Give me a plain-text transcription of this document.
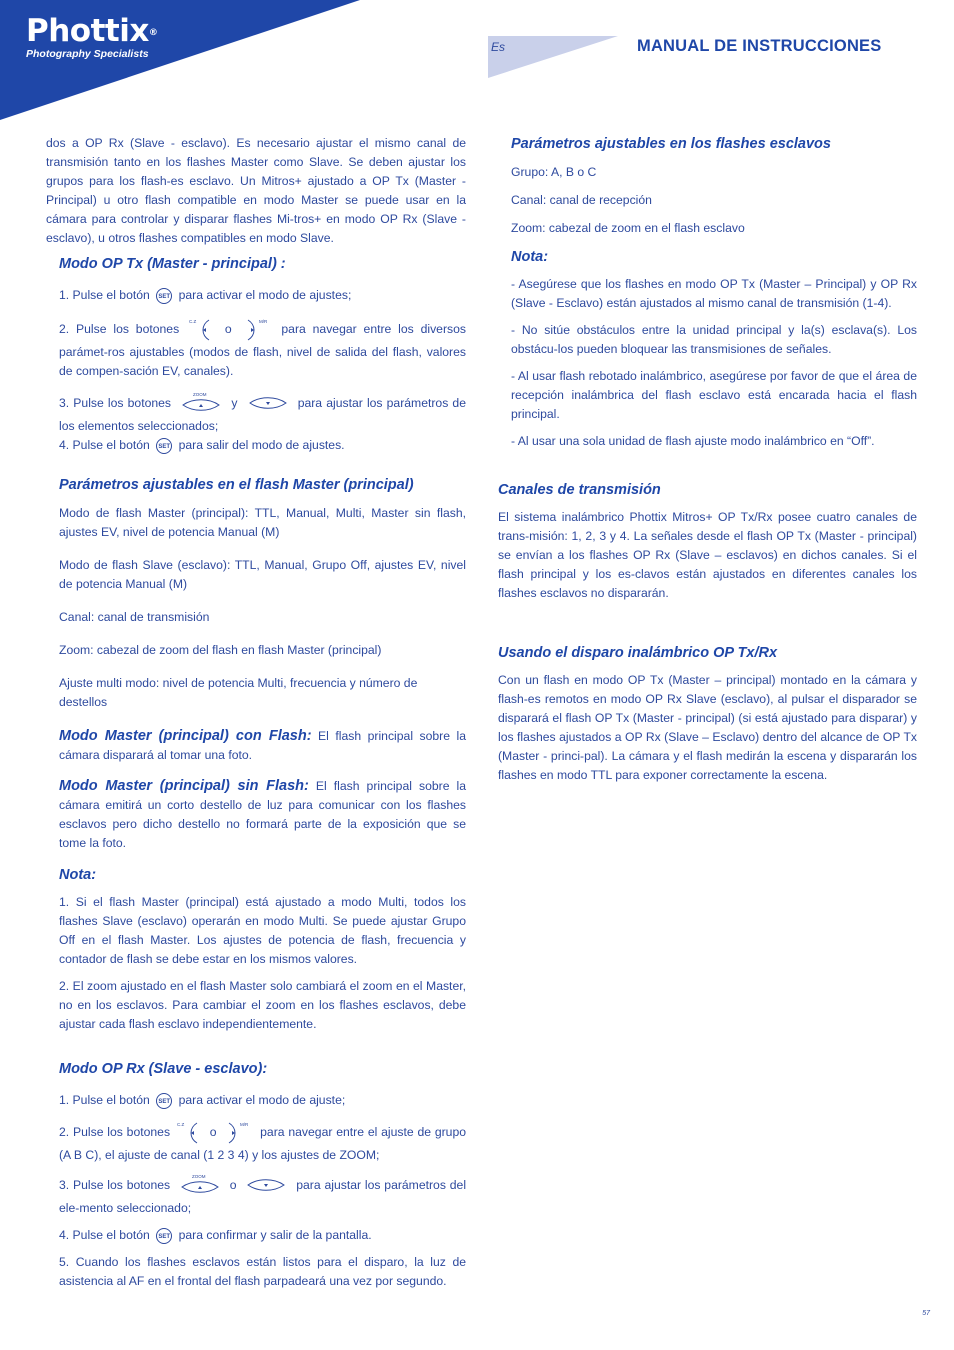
Phottix®
Photography Specialists	Es	MANUAL DE INSTRUCCIONES
dos a OP Rx (Slave - esclavo). Es necesario ajustar el mismo canal de transmisión tanto en los flashes Master como Slave. Se deben ajustar los grupos para los flash-es esclavo. Un Mitros+ ajustado a OP Tx (Master - Principal) u otro flash compatible en modo Master se puede usar en la cámara para controlar y disparar flashes Mi-tros+ en modo OP Rx (Slave - esclavo), u otros flashes compatibles en modo Slave.

Modo OP Tx (Master - principal) :

1. Pulse el botón SET para activar el modo de ajustes;

2. Pulse los botones
C.Z
o
M/R
para navegar entre los diversos parámet-ros ajustables (modos de flash, nivel de salida del flash, valores de compen-sación EV, canales).

3. Pulse los botones
ZOOM
y	para ajustar los parámetros de los elementos seleccionados;

4. Pulse el botón SET para salir del modo de ajustes.

Parámetros ajustables en el flash Master (principal)

Modo de flash Master (principal): TTL, Manual, Multi, Master sin flash, ajustes EV, nivel de potencia Manual (M)

Modo de flash Slave (esclavo): TTL, Manual, Grupo Off, ajustes EV, nivel de potencia Manual (M)

Canal: canal de transmisión

Zoom: cabezal de zoom del flash en flash Master (principal)

Ajuste multi modo: nivel de potencia Multi, frecuencia y número de destellos

Modo Master (principal) con Flash: El flash principal sobre la cámara disparará al tomar una foto.

Modo Master (principal) sin Flash: El flash principal sobre la cámara emitirá un corto destello de luz para comunicar con los flashes esclavos pero dicho destello no formará parte de la exposición que se tome la foto.

Nota:

1. Si el flash Master (principal) está ajustado a modo Multi, todos los flashes Slave (esclavo) operarán en modo Multi. Se puede ajustar Grupo Off en el flash Master. Los ajustes de potencia de flash, frecuencia y contador de flash se debe estar en los mismos valores.

2. El zoom ajustado en el flash Master solo cambiará el zoom en el Master, no en los esclavos. Para cambiar el zoom en los flashes esclavos, debe ajustar cada flash esclavo independientemente.

Modo OP Rx (Slave - esclavo):

1. Pulse el botón SET para activar el modo de ajuste;

2. Pulse los botones
C.Z
o
M/R
para navegar entre el ajuste de grupo (A B C), el ajuste de canal (1 2 3 4) y los ajustes de ZOOM;

3. Pulse los botones
ZOOM
o	para ajustar los parámetros del ele-mento seleccionado;

4. Pulse el botón SET para confirmar y salir de la pantalla.

5. Cuando los flashes esclavos están listos para el disparo, la luz de asistencia al AF en el frontal del flash parpadeará una vez por segundo.

Parámetros ajustables en los flashes esclavos

Grupo: A, B o C

Canal: canal de recepción

Zoom: cabezal de zoom en el flash esclavo

Nota:

- Asegúrese que los flashes en modo OP Tx (Master – Principal) y OP Rx (Slave - Esclavo) están ajustados al mismo canal de transmisión (1-4).

- No sitúe obstáculos entre la unidad principal y la(s) esclava(s). Los obstácu-los pueden bloquear las transmisiones de señales.

- Al usar flash rebotado inalámbrico, asegúrese por favor de que el área de recepción inalámbrica del flash esclavo está encarada hacia el flash principal.

- Al usar una sola unidad de flash ajuste modo inalámbrico en “Off”.

Canales de transmisión

El sistema inalámbrico Phottix Mitros+ OP Tx/Rx posee cuatro canales de trans-misión: 1, 2, 3 y 4. La señales desde el flash OP Tx (Master - principal) se envían a los flashes OP Rx (Slave – esclavos) en dichos canales. Si el flash principal y los es-clavos están ajustados en diferentes canales los flashes esclavos no dispararán.

Usando el disparo inalámbrico OP Tx/Rx

Con un flash en modo OP Tx (Master – principal) montado en la cámara y flash-es remotos en modo OP Rx Slave (esclavo), al pulsar el disparador se disparará el flash OP Tx (Master - principal) (si está ajustado para disparar) y los flashes ajustados a OP Rx (Slave – Esclavo) dentro del alcance de OP Tx (Master - princi-pal). La cámara y el flash medirán la escena y dispararán los flashes en modo TTL para exponer correctamente la escena.

57
